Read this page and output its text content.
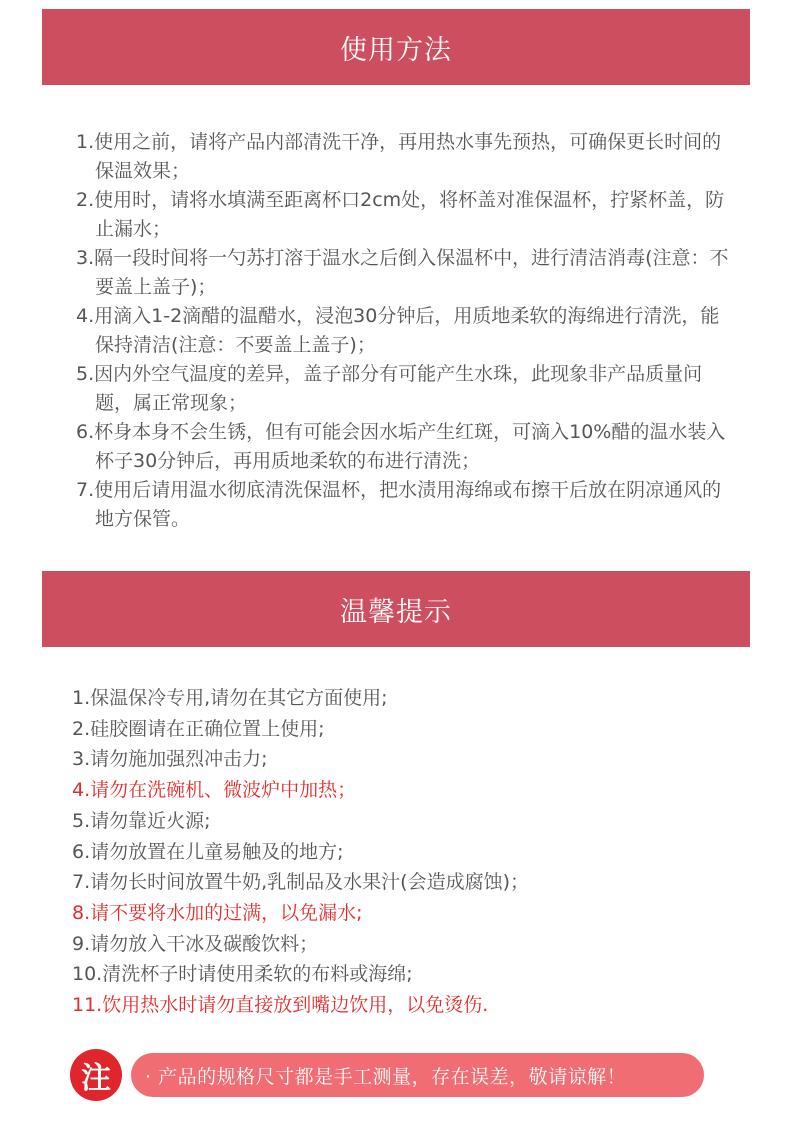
使用方法
1.使用之前，请将产品内部清洗干净，再用热水事先预热，可确保更长时间的保温效果；
2.使用时，请将水填满至距离杯口2cm处，将杯盖对准保温杯，拧紧杯盖，防止漏水；
3.隔一段时间将一勺苏打溶于温水之后倒入保温杯中，进行清洁消毒(注意：不要盖上盖子)；
4.用滴入1-2滴醋的温醋水，浸泡30分钟后，用质地柔软的海绵进行清洗，能保持清洁(注意：不要盖上盖子)；
5.因内外空气温度的差异，盖子部分有可能产生水珠，此现象非产品质量问题，属正常现象；
6.杯身本身不会生锈，但有可能会因水垢产生红斑，可滴入10%醋的温水装入杯子30分钟后，再用质地柔软的布进行清洗；
7.使用后请用温水彻底清洗保温杯，把水渍用海绵或布擦干后放在阴凉通风的地方保管。
温馨提示
1.保温保冷专用,请勿在其它方面使用;
2.硅胶圈请在正确位置上使用;
3.请勿施加强烈冲击力;
4.请勿在洗碗机、微波炉中加热；
5.请勿靠近火源;
6.请勿放置在儿童易触及的地方;
7.请勿长时间放置牛奶,乳制品及水果汁(会造成腐蚀)；
8.请不要将水加的过满，以免漏水;
9.请勿放入干冰及碳酸饮料；
10.清洗杯子时请使用柔软的布料或海绵;
11.饮用热水时请勿直接放到嘴边饮用，以免烫伤.
注 · 产品的规格尺寸都是手工测量，存在误差，敬请谅解！
